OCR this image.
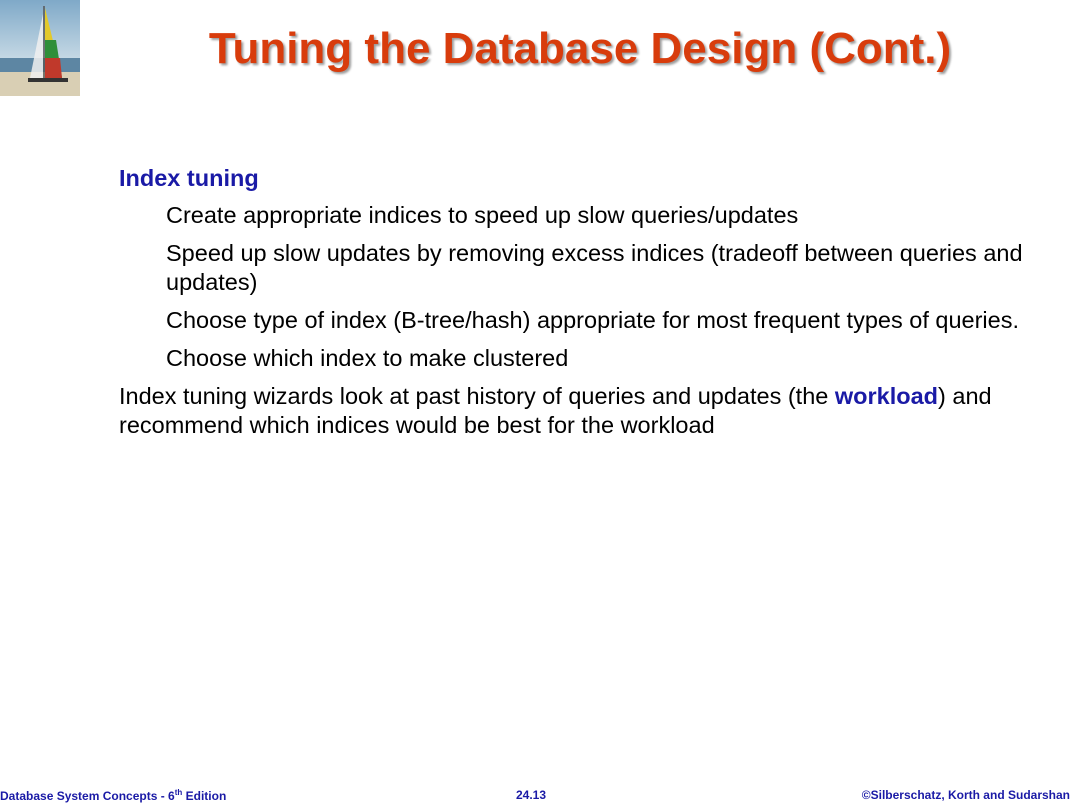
Tuning the Database Design (Cont.)
Index tuning
Create appropriate indices to speed up slow queries/updates
Speed up slow updates by removing excess indices (tradeoff between queries and updates)
Choose type of index (B-tree/hash) appropriate for most frequent types of queries.
Choose which index to make clustered
Index tuning wizards look at past history of queries and updates (the workload) and recommend which indices would be best for the workload
Database System Concepts - 6th Edition	24.13	©Silberschatz, Korth and Sudarshan
